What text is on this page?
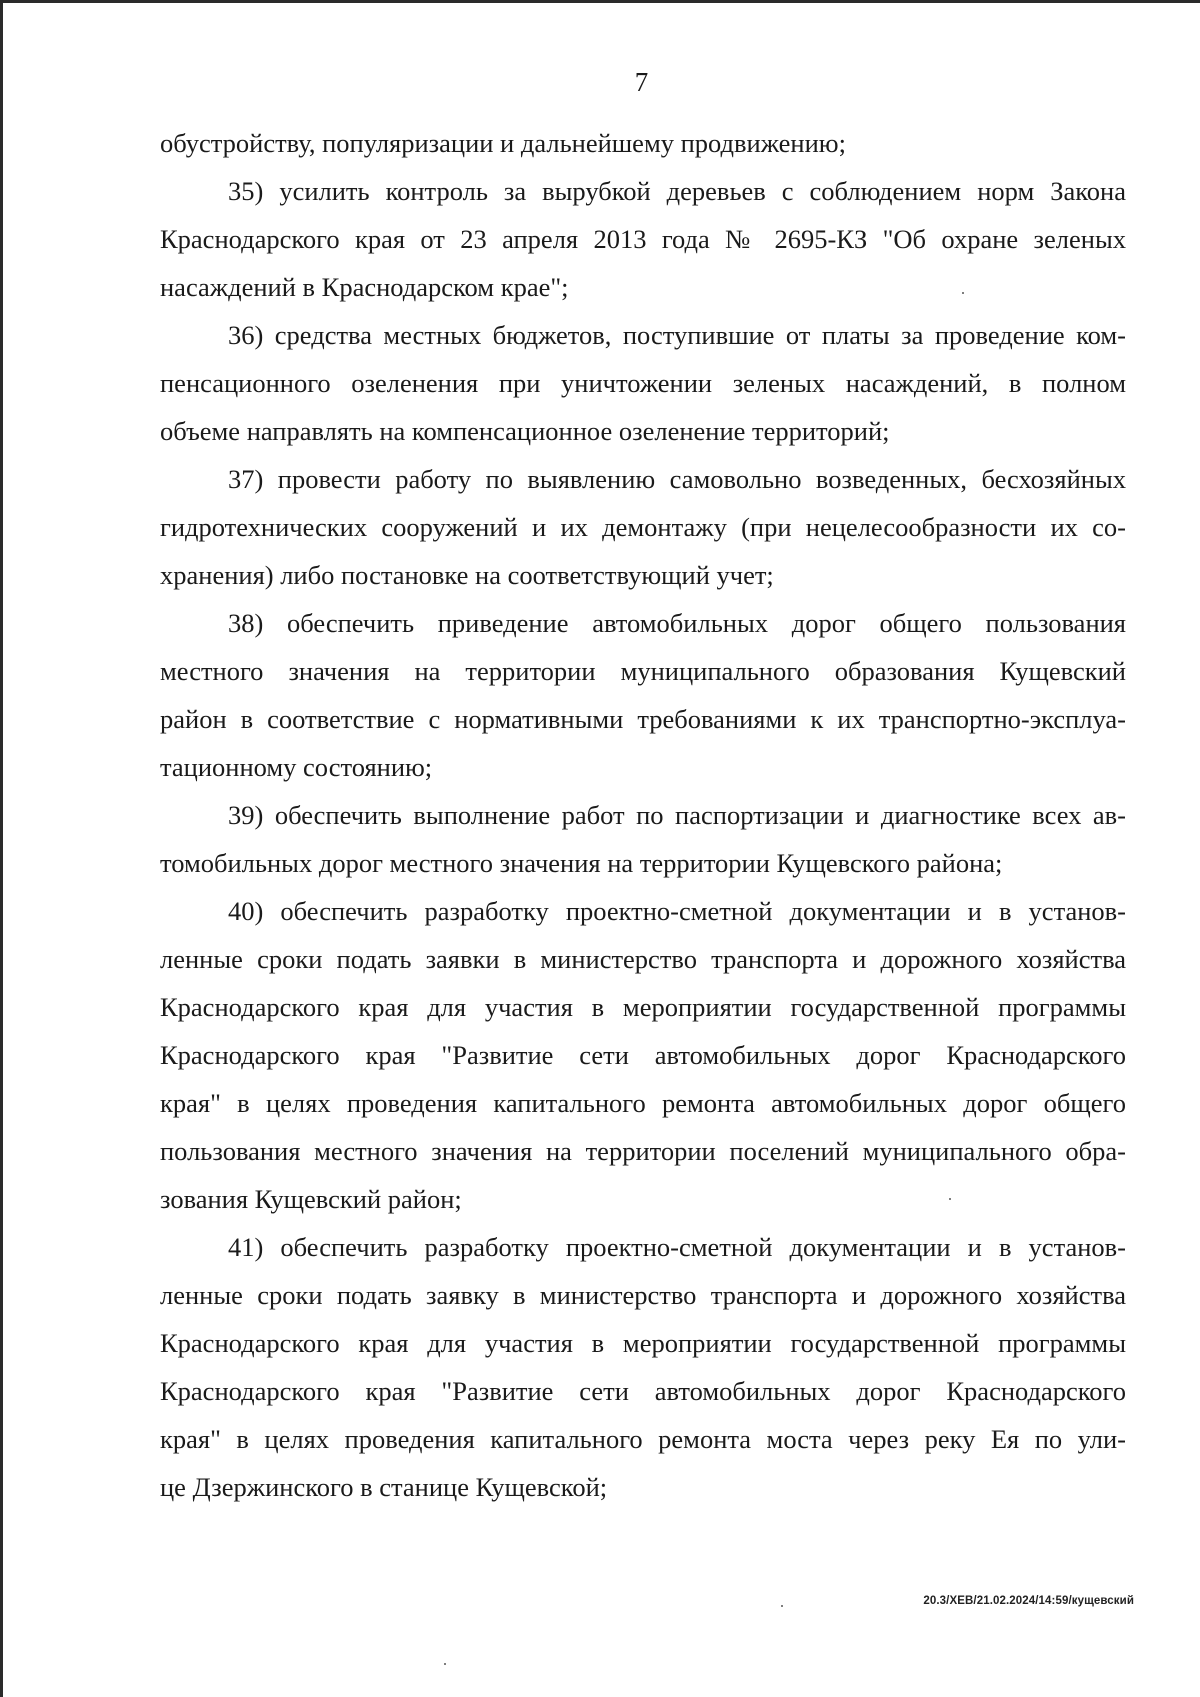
7
обустройству, популяризации и дальнейшему продвижению;
35) усилить контроль за вырубкой деревьев с соблюдением норм Закона
Краснодарского края от 23 апреля 2013 года № 2695-КЗ "Об охране зеленых
насаждений в Краснодарском крае";
36) средства местных бюджетов, поступившие от платы за проведение ком-
пенсационного озеленения при уничтожении зеленых насаждений, в полном
объеме направлять на компенсационное озеленение территорий;
37) провести работу по выявлению самовольно возведенных, бесхозяйных
гидротехнических сооружений и их демонтажу (при нецелесообразности их со-
хранения) либо постановке на соответствующий учет;
38) обеспечить приведение автомобильных дорог общего пользования
местного значения на территории муниципального образования Кущевский
район в соответствие с нормативными требованиями к их транспортно-эксплуа-
тационному состоянию;
39) обеспечить выполнение работ по паспортизации и диагностике всех ав-
томобильных дорог местного значения на территории Кущевского района;
40) обеспечить разработку проектно-сметной документации и в установ-
ленные сроки подать заявки в министерство транспорта и дорожного хозяйства
Краснодарского края для участия в мероприятии государственной программы
Краснодарского края "Развитие сети автомобильных дорог Краснодарского
края" в целях проведения капитального ремонта автомобильных дорог общего
пользования местного значения на территории поселений муниципального обра-
зования Кущевский район;
41) обеспечить разработку проектно-сметной документации и в установ-
ленные сроки подать заявку в министерство транспорта и дорожного хозяйства
Краснодарского края для участия в мероприятии государственной программы
Краснодарского края "Развитие сети автомобильных дорог Краснодарского
края" в целях проведения капитального ремонта моста через реку Ея по ули-
це Дзержинского в станице Кущевской;
20.3/ХЕВ/21.02.2024/14:59/кущевский
